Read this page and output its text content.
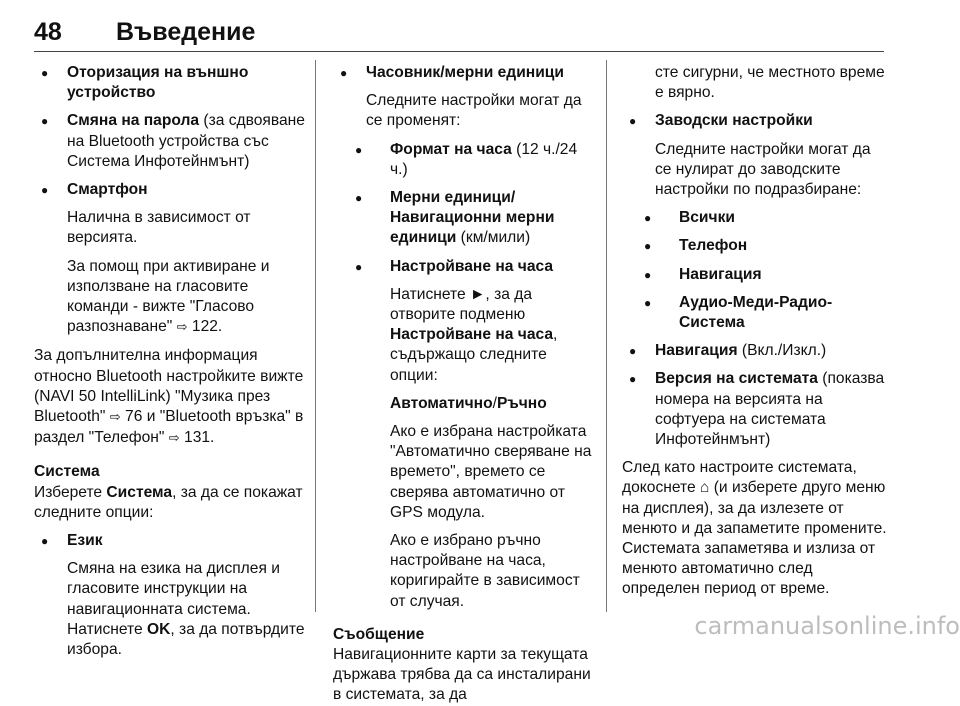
48 Въведение
● Оторизация на външно устройство
● Смяна на парола (за сдвояване на Bluetooth устройства със Система Инфотейнмънт)
● Смартфон
Налична в зависимост от версията.
За помощ при активиране и използване на гласовите команди - вижте "Гласово разпознаване" ⇨ 122.
За допълнителна информация относно Bluetooth настройките вижте (NAVI 50 IntelliLink) "Музика през Bluetooth" ⇨ 76 и "Bluetooth връзка" в раздел "Телефон" ⇨ 131.
Система
Изберете Система, за да се покажат следните опции:
● Език
Смяна на езика на дисплея и гласовите инструкции на навигационната система. Натиснете OK, за да потвърдите избора.
● Часовник/мерни единици
Следните настройки могат да се променят:
● Формат на часа (12 ч./24 ч.)
● Мерни единици/ Навигационни мерни единици (км/мили)
● Настройване на часа
Натиснете ►, за да отворите подменю Настройване на часа, съдържащо следните опции:
Автоматично/Ръчно
Ако е избрана настройката "Автоматично сверяване на времето", времето се сверява автоматично от GPS модула.
Ако е избрано ръчно настройване на часа, коригирайте в зависимост от случая.
Съобщение
Навигационните карти за текущата държава трябва да са инсталирани в системата, за да
сте сигурни, че местното време е вярно.
● Заводски настройки
Следните настройки могат да се нулират до заводските настройки по подразбиране:
● Всички
● Телефон
● Навигация
● Аудио-Меди-Радио-Система
● Навигация (Вкл./Изкл.)
● Версия на системата (показва номера на версията на софтуера на системата Инфотейнмънт)
След като настроите системата, докоснете ⌂ (и изберете друго меню на дисплея), за да излезете от менюто и да запаметите промените. Системата запаметява и излиза от менюто автоматично след определен период от време.
carmanualsonline.info
